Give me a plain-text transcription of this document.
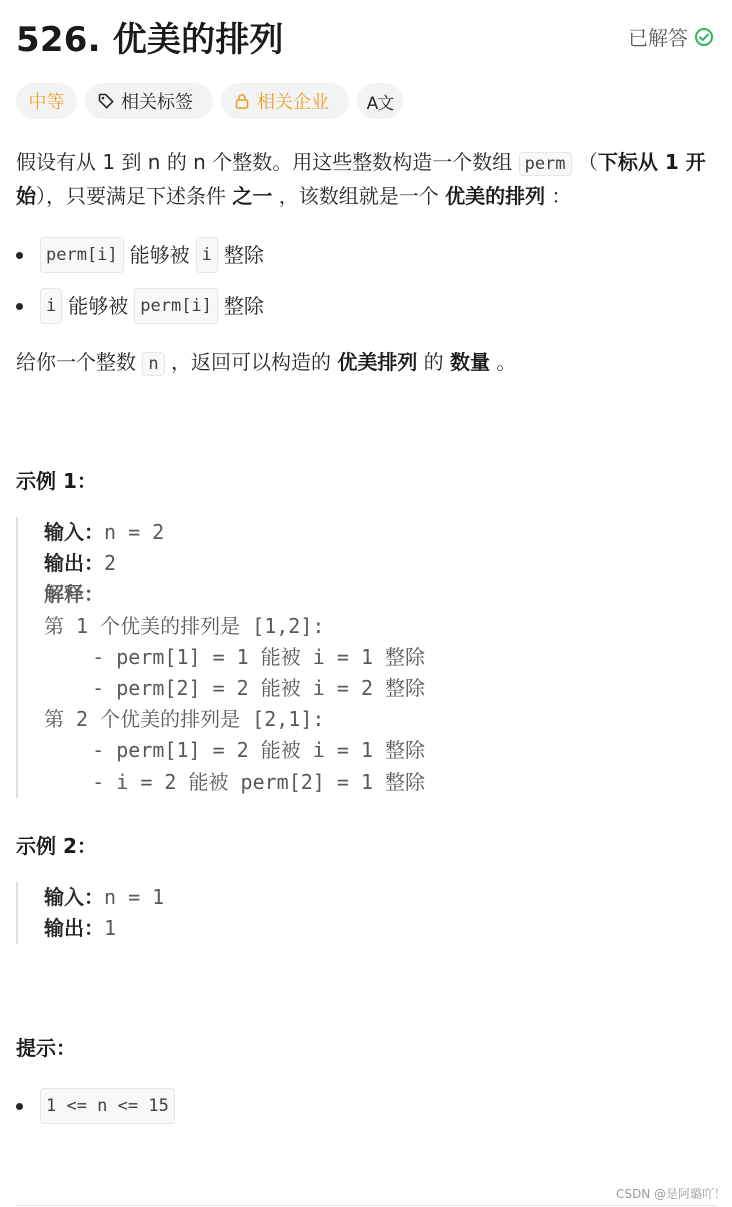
526. 优美的排列	已解答
中等	相关标签	相关企业 A文
假设有从 1 到 n 的 n 个整数。用这些整数构造一个数组 perm （下标从 1 开始），只要满足下述条件 之一 ，该数组就是一个 优美的排列 ：
perm[i] 能够被 i 整除
i 能够被 perm[i] 整除
给你一个整数 n ，返回可以构造的 优美排列 的 数量 。
示例 1：
输入：n = 2
输出：2
解释：
第 1 个优美的排列是 [1,2]:
- perm[1] = 1 能被 i = 1 整除
- perm[2] = 2 能被 i = 2 整除
第 2 个优美的排列是 [2,1]:
- perm[1] = 2 能被 i = 1 整除
- i = 2 能被 perm[2] = 1 整除
示例 2：
输入：n = 1
输出：1
提示：
1 <= n <= 15
CSDN @是阿璐吖！
